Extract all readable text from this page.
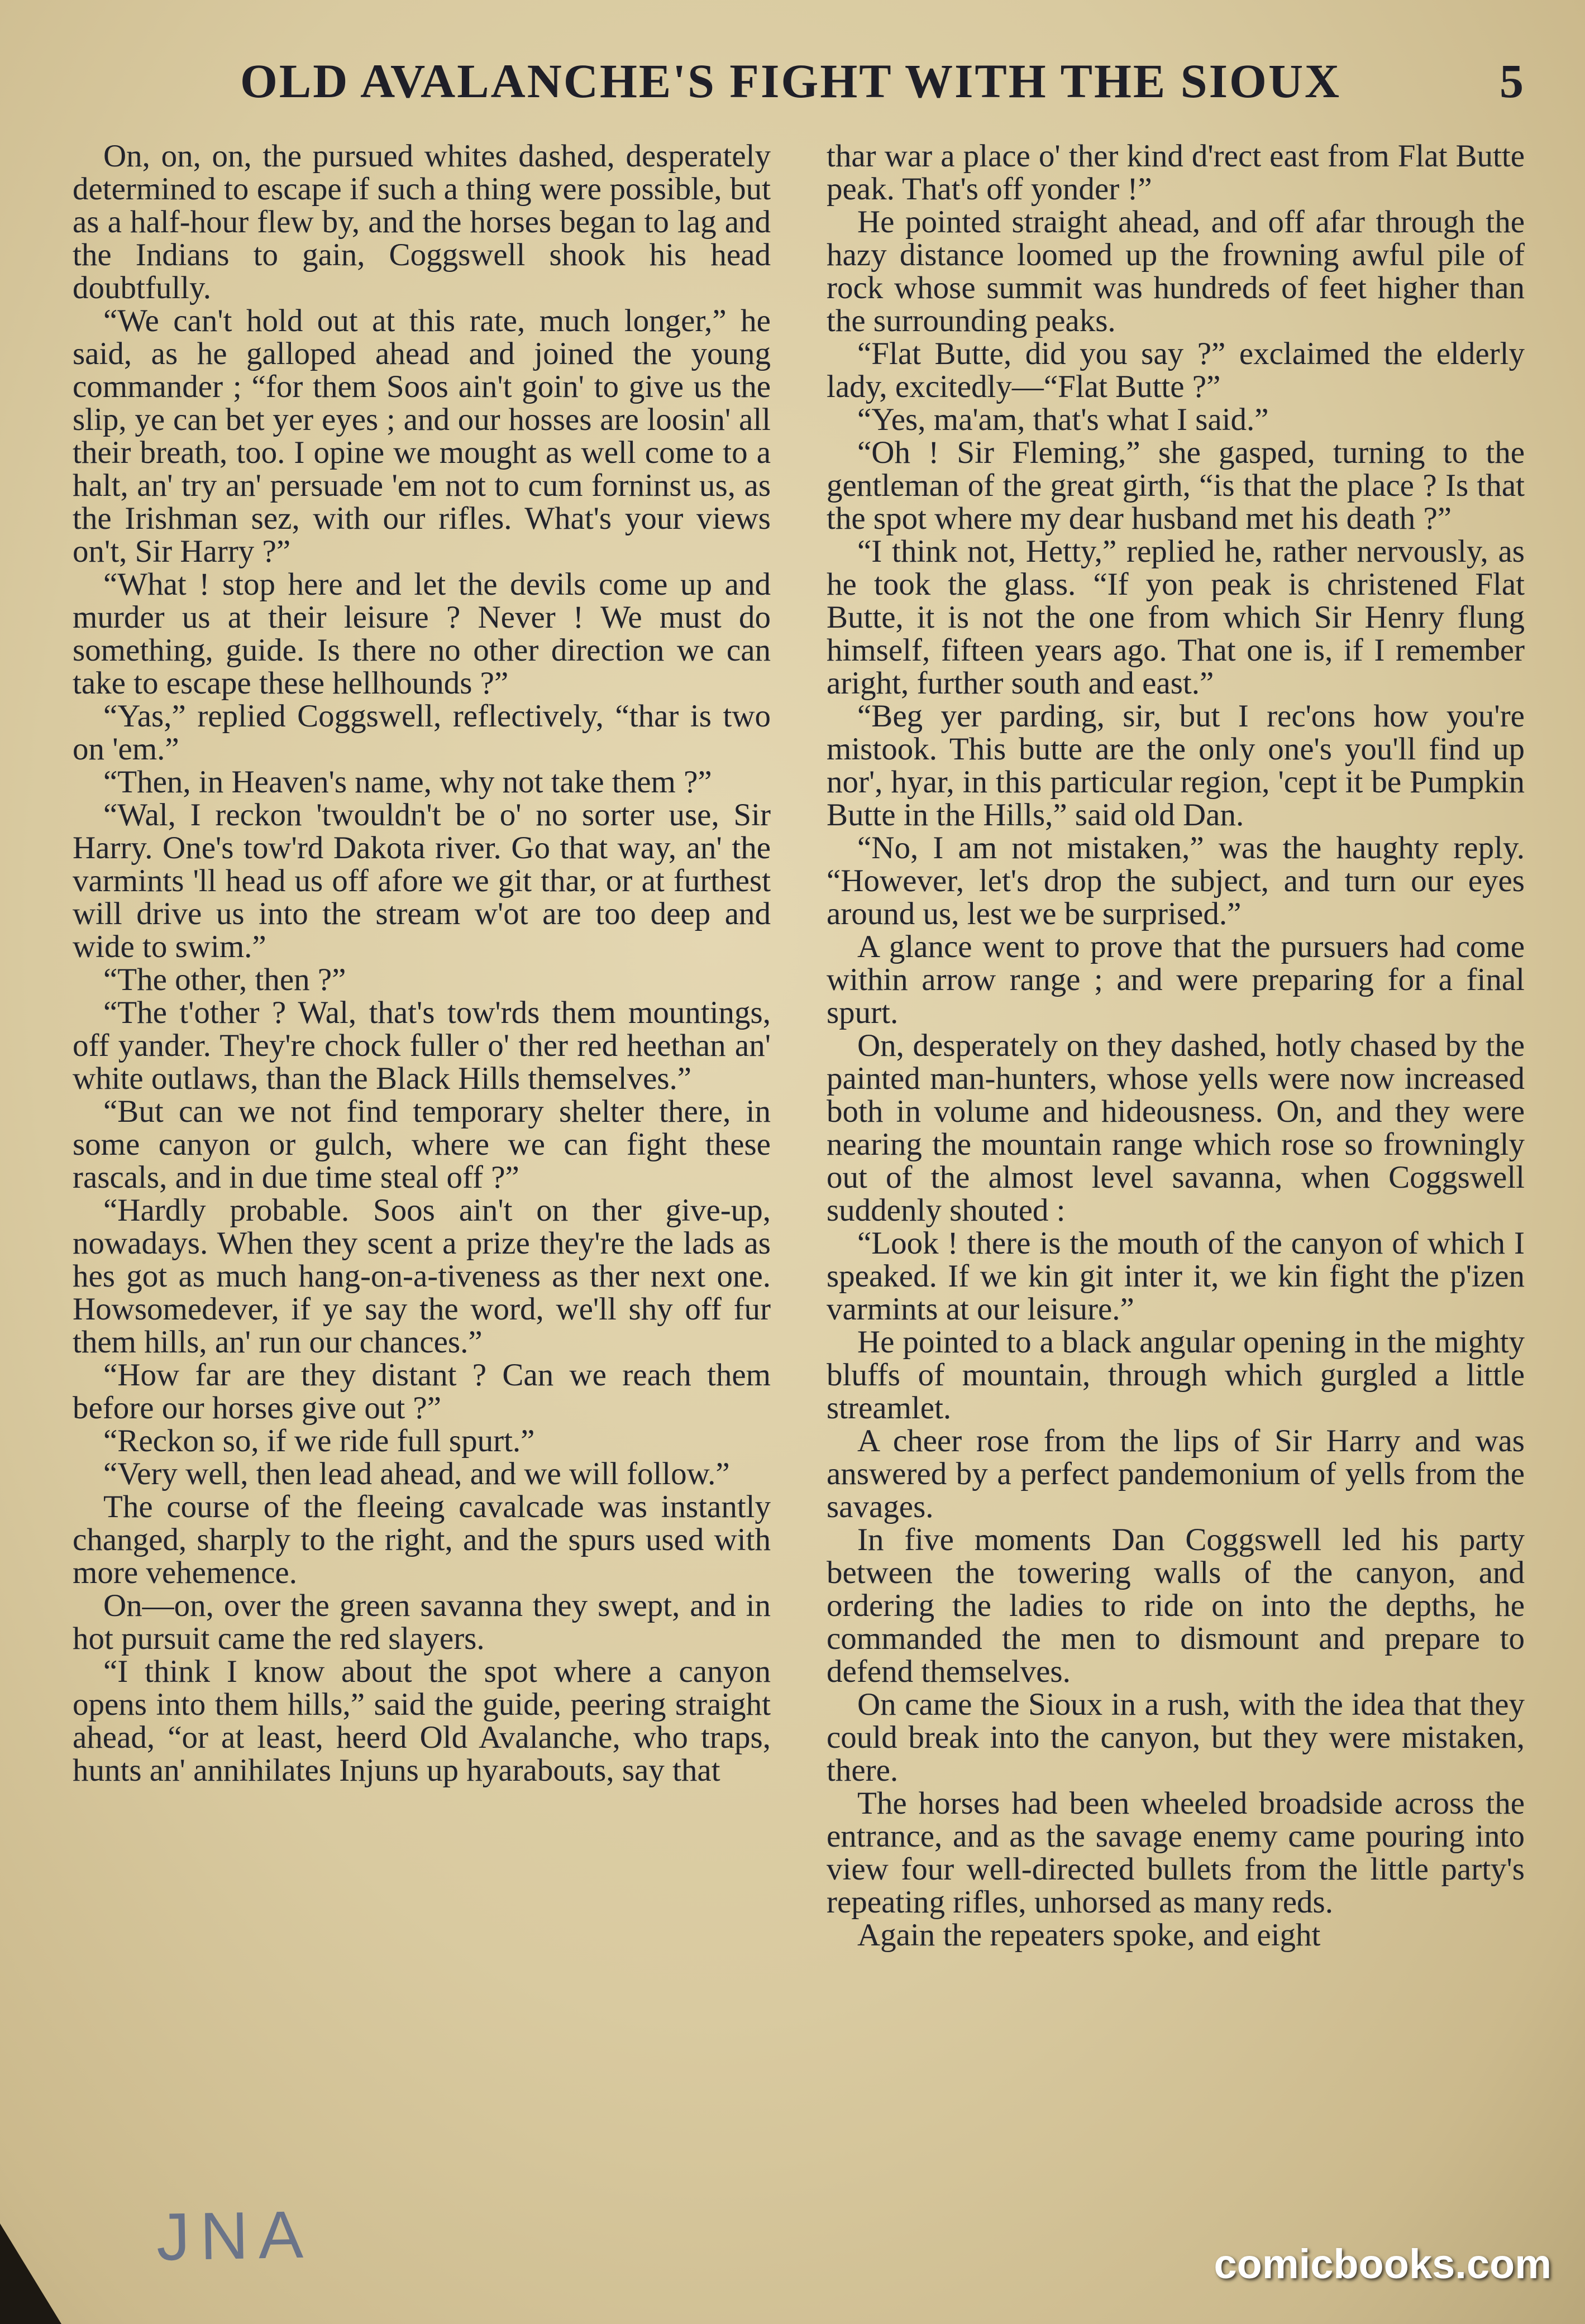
OLD AVALANCHE'S FIGHT WITH THE SIOUX	5

On, on, on, the pursued whites dashed, desperately determined to escape if such a thing were possible, but as a half-hour flew by, and the horses began to lag and the Indians to gain, Coggswell shook his head doubtfully.

“We can't hold out at this rate, much longer,” he said, as he galloped ahead and joined the young commander ; “for them Soos ain't goin' to give us the slip, ye can bet yer eyes ; and our hosses are loosin' all their breath, too. I opine we mought as well come to a halt, an' try an' persuade 'em not to cum forninst us, as the Irishman sez, with our rifles. What's your views on't, Sir Harry ?”

“What ! stop here and let the devils come up and murder us at their leisure ? Never ! We must do something, guide. Is there no other direction we can take to escape these hellhounds ?”

“Yas,” replied Coggswell, reflectively, “thar is two on 'em.”

“Then, in Heaven's name, why not take them ?”

“Wal, I reckon 'twouldn't be o' no sorter use, Sir Harry. One's tow'rd Dakota river. Go that way, an' the varmints 'll head us off afore we git thar, or at furthest will drive us into the stream w'ot are too deep and wide to swim.”

“The other, then ?”

“The t'other ? Wal, that's tow'rds them mountings, off yander. They're chock fuller o' ther red heethan an' white outlaws, than the Black Hills themselves.”

“But can we not find temporary shelter there, in some canyon or gulch, where we can fight these rascals, and in due time steal off ?”

“Hardly probable. Soos ain't on ther give-up, nowadays. When they scent a prize they're the lads as hes got as much hang-on-a-tiveness as ther next one. Howsomedever, if ye say the word, we'll shy off fur them hills, an' run our chances.”

“How far are they distant ? Can we reach them before our horses give out ?”

“Reckon so, if we ride full spurt.”

“Very well, then lead ahead, and we will follow.”

The course of the fleeing cavalcade was instantly changed, sharply to the right, and the spurs used with more vehemence.

On—on, over the green savanna they swept, and in hot pursuit came the red slayers.

“I think I know about the spot where a canyon opens into them hills,” said the guide, peering straight ahead, “or at least, heerd Old Avalanche, who traps, hunts an' annihilates Injuns up hyarabouts, say that

thar war a place o' ther kind d'rect east from Flat Butte peak. That's off yonder !”

He pointed straight ahead, and off afar through the hazy distance loomed up the frowning awful pile of rock whose summit was hundreds of feet higher than the surrounding peaks.

“Flat Butte, did you say ?” exclaimed the elderly lady, excitedly—“Flat Butte ?”

“Yes, ma'am, that's what I said.”

“Oh ! Sir Fleming,” she gasped, turning to the gentleman of the great girth, “is that the place ? Is that the spot where my dear husband met his death ?”

“I think not, Hetty,” replied he, rather nervously, as he took the glass. “If yon peak is christened Flat Butte, it is not the one from which Sir Henry flung himself, fifteen years ago. That one is, if I remember aright, further south and east.”

“Beg yer parding, sir, but I rec'ons how you're mistook. This butte are the only one's you'll find up nor', hyar, in this particular region, 'cept it be Pumpkin Butte in the Hills,” said old Dan.

“No, I am not mistaken,” was the haughty reply. “However, let's drop the subject, and turn our eyes around us, lest we be surprised.”

A glance went to prove that the pursuers had come within arrow range ; and were preparing for a final spurt.

On, desperately on they dashed, hotly chased by the painted man-hunters, whose yells were now increased both in volume and hideousness. On, and they were nearing the mountain range which rose so frowningly out of the almost level savanna, when Coggswell suddenly shouted :

“Look ! there is the mouth of the canyon of which I speaked. If we kin git inter it, we kin fight the p'izen varmints at our leisure.”

He pointed to a black angular opening in the mighty bluffs of mountain, through which gurgled a little streamlet.

A cheer rose from the lips of Sir Harry and was answered by a perfect pandemonium of yells from the savages.

In five moments Dan Coggswell led his party between the towering walls of the canyon, and ordering the ladies to ride on into the depths, he commanded the men to dismount and prepare to defend themselves.

On came the Sioux in a rush, with the idea that they could break into the canyon, but they were mistaken, there.

The horses had been wheeled broadside across the entrance, and as the savage enemy came pouring into view four well-directed bullets from the little party's repeating rifles, unhorsed as many reds.

Again the repeaters spoke, and eight

JNA	comicbooks.com
